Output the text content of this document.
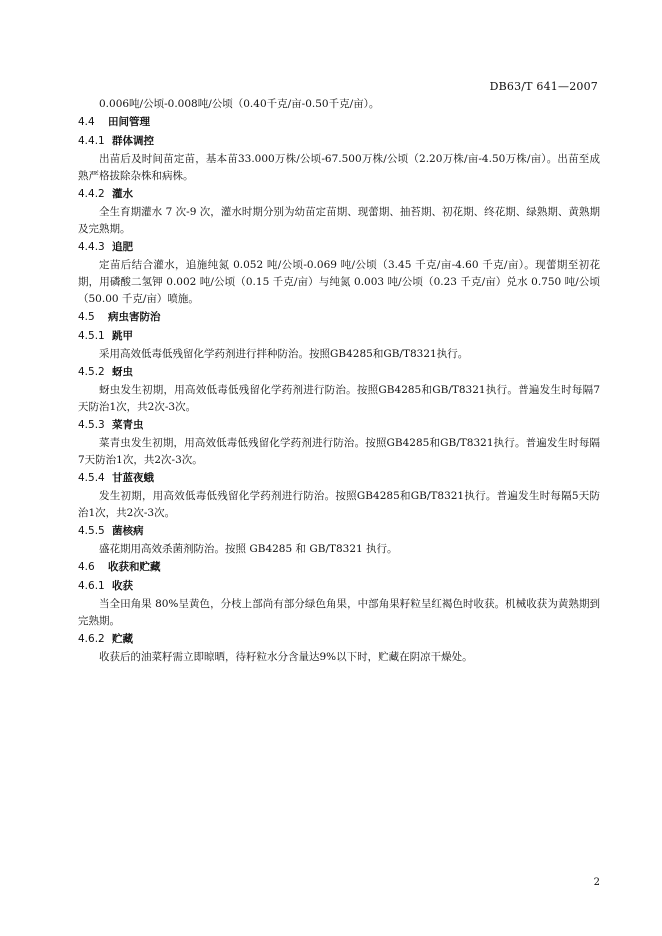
DB63/T 641—2007

0.006吨/公顷-0.008吨/公顷（0.40千克/亩-0.50千克/亩）。

4.4 田间管理
4.4.1 群体调控

出苗后及时间苗定苗，基本苗33.000万株/公顷-67.500万株/公顷（2.20万株/亩-4.50万株/亩）。出苗至成熟严格拔除杂株和病株。

4.4.2 灌水

全生育期灌水 7 次-9 次，灌水时期分别为幼苗定苗期、现蕾期、抽苔期、初花期、终花期、绿熟期、黄熟期及完熟期。

4.4.3 追肥

定苗后结合灌水，追施纯氮 0.052 吨/公顷-0.069 吨/公顷（3.45 千克/亩-4.60 千克/亩）。现蕾期至初花期，用磷酸二氢钾 0.002 吨/公顷（0.15 千克/亩）与纯氮 0.003 吨/公顷（0.23 千克/亩）兑水 0.750 吨/公顷（50.00 千克/亩）喷施。

4.5 病虫害防治
4.5.1 跳甲

采用高效低毒低残留化学药剂进行拌种防治。按照GB4285和GB/T8321执行。

4.5.2 蚜虫

蚜虫发生初期，用高效低毒低残留化学药剂进行防治。按照GB4285和GB/T8321执行。普遍发生时每隔7天防治1次，共2次-3次。

4.5.3 菜青虫

菜青虫发生初期，用高效低毒低残留化学药剂进行防治。按照GB4285和GB/T8321执行。普遍发生时每隔7天防治1次，共2次-3次。

4.5.4 甘蓝夜蛾

发生初期，用高效低毒低残留化学药剂进行防治。按照GB4285和GB/T8321执行。普遍发生时每隔5天防治1次，共2次-3次。

4.5.5 菌核病

盛花期用高效杀菌剂防治。按照 GB4285 和 GB/T8321 执行。

4.6 收获和贮藏
4.6.1 收获

当全田角果 80%呈黄色，分枝上部尚有部分绿色角果，中部角果籽粒呈红褐色时收获。机械收获为黄熟期到完熟期。

4.6.2 贮藏

收获后的油菜籽需立即晾晒，待籽粒水分含量达9%以下时，贮藏在阴凉干燥处。

2
